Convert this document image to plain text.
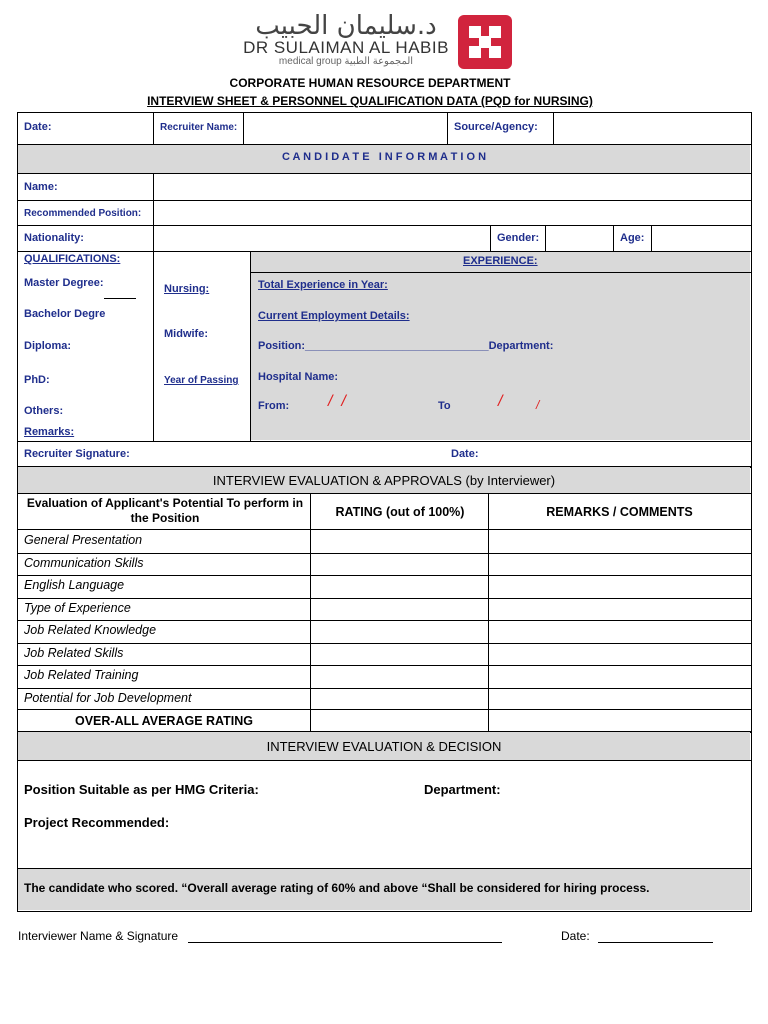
د.سليمان الحبيب
DR SULAIMAN AL HABIB
medical group المجموعة الطبية
CORPORATE HUMAN RESOURCE DEPARTMENT
INTERVIEW SHEET & PERSONNEL QUALIFICATION DATA (PQD for NURSING)
Date:	Recruiter Name:	Source/Agency:
C A N D I D A T E   I N F O R M A T I O N
Name:
Recommended Position:
Nationality:	Gender:	Age:
QUALIFICATIONS:
Master Degree:
Bachelor Degre
Diploma:
PhD:
Others:
Remarks:
Nursing:
Midwife:
Year of Passing
EXPERIENCE:
Total Experience in Year:
Current Employment Details:
Position:______________________________Department:
Hospital Name:
From: /  /	To	/	/
Recruiter Signature:	Date:
INTERVIEW EVALUATION & APPROVALS (by Interviewer)
Evaluation of Applicant's Potential To perform in the Position	RATING (out of 100%)	REMARKS / COMMENTS
General Presentation
Communication Skills
English Language
Type of Experience
Job Related Knowledge
Job Related Skills
Job Related Training
Potential for Job Development
OVER-ALL AVERAGE RATING
INTERVIEW EVALUATION & DECISION
Position Suitable as per HMG Criteria:	Department:
Project Recommended:
The candidate who scored. “Overall average rating of 60% and above “Shall be considered for hiring process.
Interviewer Name & Signature	Date:
